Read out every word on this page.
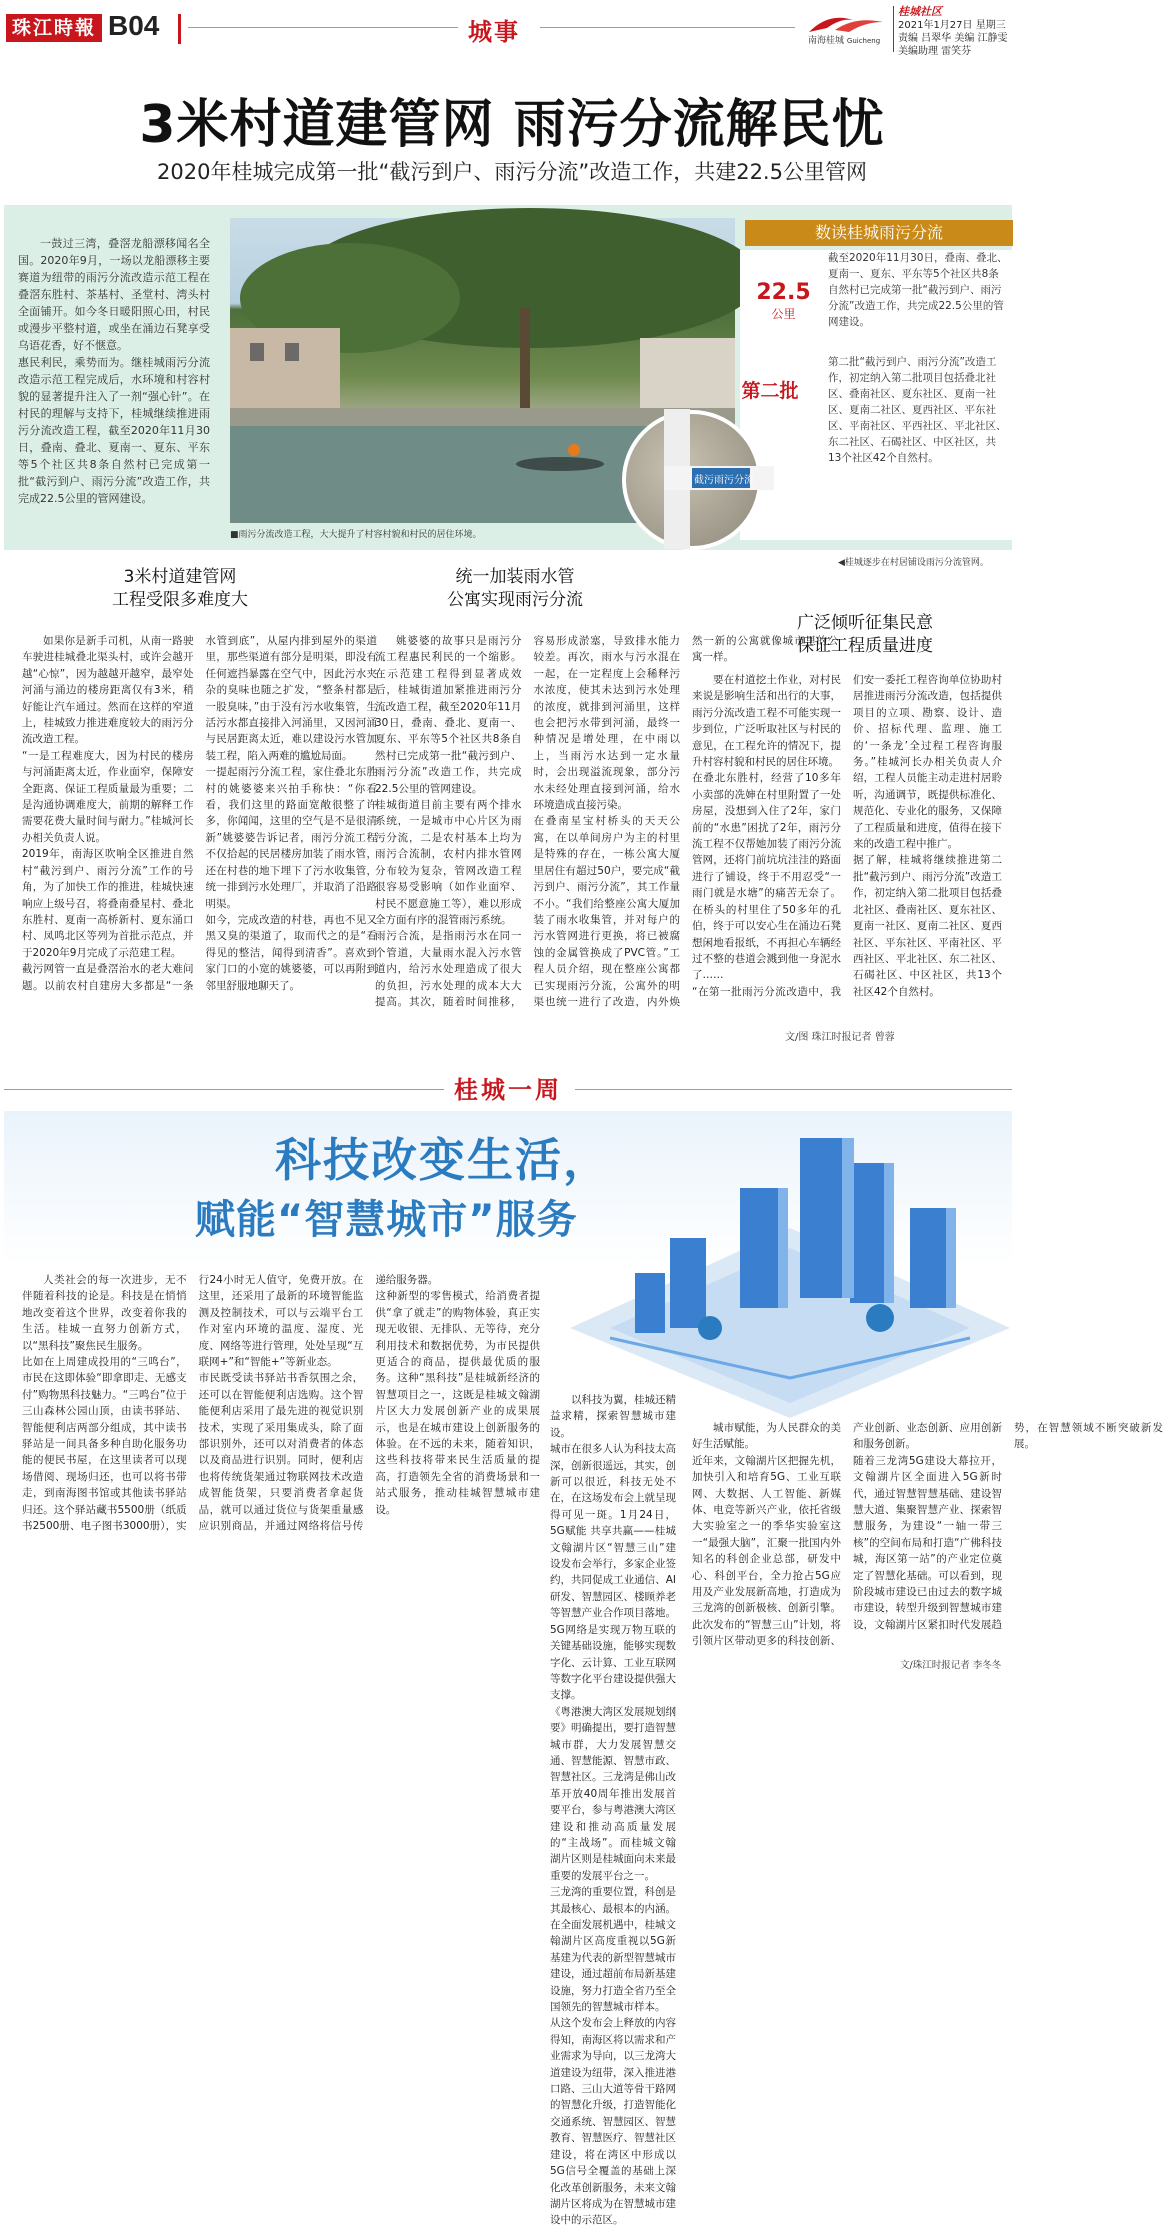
珠江時報 B04	城事	南海桂城 Guicheng
桂城社区
2021年1月27日 星期三
责编 吕翠华 美编 江静雯
美编助理 雷笑芬
3米村道建管网 雨污分流解民忧
2020年桂城完成第一批“截污到户、雨污分流”改造工作，共建22.5公里管网
一鼓过三湾，叠滘龙船漂移闻名全国。2020年9月，一场以龙船漂移主要赛道为纽带的雨污分流改造示范工程在叠滘东胜村、茶基村、圣堂村、湾头村全面铺开。如今冬日暖阳照心田，村民或漫步平整村道，或坐在涌边石凳享受乌语花香，好不惬意。
惠民利民，乘势而为。继桂城雨污分流改造示范工程完成后，水环境和村容村貌的显著提升注入了一剂“强心针”。在村民的理解与支持下，桂城继续推进雨污分流改造工程，截至2020年11月30日，叠南、叠北、夏南一、夏东、平东等5个社区共8条自然村已完成第一批“截污到户、雨污分流”改造工作，共完成22.5公里的管网建设。
■雨污分流改造工程，大大提升了村容村貌和村民的居住环境。
数读桂城雨污分流
22.5
公里
截至2020年11月30日，叠南、叠北、夏南一、夏东、平东等5个社区共8条自然村已完成第一批“截污到户、雨污分流”改造工作，共完成22.5公里的管网建设。
第二批
第二批“截污到户、雨污分流”改造工作，初定纳入第二批项目包括叠北社区、叠南社区、夏东社区、夏南一社区、夏南二社区、夏西社区、平东社区、平南社区、平西社区、平北社区、东二社区、石碣社区、中区社区，共13个社区42个自然村。
截污雨污分流
◀桂城逐步在村居铺设雨污分流管网。
3米村道建管网
工程受限多难度大
如果你是新手司机，从南一路驶车驶进桂城叠北渠头村，或许会越开越“心惊”，因为越越开越窄，最窄处河涌与涌边的楼房距离仅有3米，稍好能让汽车通过。然而在这样的窄道上，桂城致力推进难度较大的雨污分流改造工程。
“一是工程难度大，因为村民的楼房与河涌距离太近，作业面窄，保障安全距离、保证工程质量最为重要；二是沟通协调难度大，前期的解释工作需要花费大量时间与耐力。”桂城河长办相关负责人说。
2019年，南海区吹响全区推进自然村“截污到户、雨污分流”工作的号角，为了加快工作的推进，桂城快速响应上级号召，将叠南叠星村、叠北东胜村、夏南一高桥新村、夏东涌口村、凤鸣北区等列为首批示范点，并于2020年9月完成了示范建工程。
截污网管一直是叠滘治水的老大难问题。以前农村自建房大多都是“一条水管到底”，从屋内排到屋外的渠道里，那些渠道有部分是明渠，即没有任何遮挡暴露在空气中，因此污水夹杂的臭味也随之扩发，“整条村都是一股臭味，”由于没有污水收集管，生活污水都直接排入河涌里，又因河涌与民居距离太近，难以建设污水管加装工程，陷入两难的尴尬局面。
一提起雨污分流工程，家住叠北东胜村的姚婆婆来兴拍手称快：“你看看，我们这里的路面宽敞很整了许多，你闻闻，这里的空气是不是很清新”姚婆婆告诉记者，雨污分流工程不仅拾起的民居楼房加装了雨水管，还在村巷的地下埋下了污水收集管，统一排到污水处理厂，并取消了沿路明渠。
如今，完成改造的村巷，再也不见又黑又臭的渠道了，取而代之的是“看得见的整洁，闻得到清香”。喜欢到家门口的小宽的姚婆婆，可以再附到邻里舒服地聊天了。
统一加装雨水管
公寓实现雨污分流
姚婆婆的故事只是雨污分流工程惠民利民的一个缩影。在示范建工程得到显著成效后，桂城街道加紧推进雨污分流改造工程，截至2020年11月30日，叠南、叠北、夏南一、夏东、平东等5个社区共8条自然村已完成第一批“截污到户、雨污分流”改造工作，共完成22.5公里的管网建设。
桂城街道目前主要有两个排水系统，一是城市中心片区为雨污分流，二是农村基本上均为雨污合流制，农村内排水管网分布较为复杂，管网改造工程很容易受影响（如作业面窄、村民不愿意施工等），难以形成全方面有序的混管雨污系统。
雨污合流，是指雨污水在同一个管道，大量雨水混入污水管道内，给污水处理造成了很大的负担，污水处理的成本大大提高。其次，随着时间推移，容易形成淤塞，导致排水能力较差。再次，雨水与污水混在一起，在一定程度上会稀释污水浓度，使其未达到污水处理的浓度，就排到河涌里，这样也会把污水带到河涌，最终一种情况是增处理，在中雨以上，当雨污水达到一定水量时，会出现溢流现象，部分污水未经处理直接到河涌，给水环境造成直接污染。
在叠南星宝村桥头的天天公寓，在以单间房户为主的村里是特殊的存在，一栋公寓大厦里居住有超过50户，要完成“截污到户、雨污分流”，其工作量不小。“我们给整座公寓大厦加装了雨水收集管，并对每户的污水管网进行更换，将已被腐蚀的金属管换成了PVC管。”工程人员介绍，现在整座公寓都已实现雨污分流，公寓外的明渠也统一进行了改造，内外焕然一新的公寓就像城市里的公寓一样。
广泛倾听征集民意
保证工程质量进度
要在村道挖土作业，对村民来说是影响生活和出行的大事，雨污分流改造工程不可能实现一步到位，广泛听取社区与村民的意见，在工程允许的情况下，提升村容村貌和村民的居住环境。
在叠北东胜村，经营了10多年小卖部的冼婶在村里附置了一处房屋，没想到入住了2年，家门前的“水患”困扰了2年，雨污分流工程不仅帮她加装了雨污分流管网，还将门前坑坑洼洼的路面进行了铺设，终于不用忍受“一雨门就是水塘”的痛苦无奈了。在桥头的村里住了50多年的孔伯，终于可以安心生在涌边石凳想闲地看报纸，不再担心车辆经过不整的巷道会溅到他一身泥水了……
“在第一批雨污分流改造中，我们安一委托工程咨询单位协助村居推进雨污分流改造，包括提供项目的立项、勘察、设计、造价、招标代理、监理、施工的‘一条龙’全过程工程咨询服务。”桂城河长办相关负责人介绍，工程人员能主动走进村居聆听，沟通调节，既提供标准化、规范化、专业化的服务，又保障了工程质量和进度，值得在接下来的改造工程中推广。
据了解，桂城将继续推进第二批“截污到户、雨污分流”改造工作，初定纳入第二批项目包括叠北社区、叠南社区、夏东社区、夏南一社区、夏南二社区、夏西社区、平东社区、平南社区、平西社区、平北社区、东二社区、石碣社区、中区社区，共13个社区42个自然村。
文/图 珠江时报记者 曾蓉
桂城一周
科技改变生活，
赋能“智慧城市”服务
人类社会的每一次进步，无不伴随着科技的论是。科技是在悄悄地改变着这个世界，改变着你我的生活。桂城一直努力创新方式，以“黑科技”聚焦民生服务。
比如在上周建成投用的“三鸣台”，市民在这即体验“即拿即走、无感支付”购物黑科技魅力。“三鸣台”位于三山森林公园山顶，由读书驿站、智能便利店两部分组成，其中读书驿站是一间具备多种自助化服务功能的便民书屋，在这里读者可以现场借阅、现场归还，也可以将书带走，到南海图书馆或其他读书驿站归还。这个驿站藏书5500册（纸质书2500册、电子图书3000册），实行24小时无人值守，免费开放。在这里，还采用了最新的环境智能监测及控制技术，可以与云端平台工作对室内环境的温度、湿度、光度、网络等进行管理，处处呈现“互联网+”和“智能+”等新业态。
市民既受读书驿站书香氛围之余，还可以在智能便利店选购。这个智能便利店采用了最先进的视觉识别技术，实现了采用集成头，除了面部识别外，还可以对消费者的体态以及商品进行识别。同时，便利店也将传统货架通过物联网技术改造成智能货架，只要消费者拿起货品，就可以通过货位与货架重量感应识别商品，并通过网络将信号传递给服务器。
这种新型的零售模式，给消费者提供“拿了就走”的购物体验，真正实现无收银、无排队、无等待，充分利用技术和数据优势，为市民提供更适合的商品，提供最优质的服务。这种“黑科技”是桂城新经济的智慧项目之一，这既是桂城文翰湖片区大力发展创新产业的成果展示，也是在城市建设上创新服务的体验。在不远的未来，随着知识，这些科技将带来民生活质量的提高，打造领先全省的消费场景和一站式服务，推动桂城智慧城市建设。
以科技为翼，桂城还精益求精，探索智慧城市建设。
城市在很多人认为科技太高深，创新很遥远，其实，创新可以很近，科技无处不在，在这场发布会上就呈现得可见一斑。1月24日，5G赋能 共享共赢——桂城文翰湖片区“智慧三山”建设发布会举行，多家企业签约，共同促成工业通信、AI研发、智慧园区、楼顾养老等智慧产业合作项目落地。5G网络是实现万物互联的关键基础设施，能够实现数字化、云计算、工业互联网等数字化平台建设提供强大支撑。
《粤港澳大湾区发展规划纲要》明确提出，要打造智慧城市群，大力发展智慧交通、智慧能源、智慧市政、智慧社区。三龙湾是佛山改革开放40周年推出发展首要平台，参与粤港澳大湾区建设和推动高质量发展的“主战场”。而桂城文翰湖片区则是桂城面向未来最重要的发展平台之一。
三龙湾的重要位置，科创是其最核心、最根本的内涵。在全面发展机遇中，桂城文翰湖片区高度重视以5G新基建为代表的新型智慧城市建设，通过超前布局新基建设施，努力打造全省乃至全国领先的智慧城市样本。
从这个发布会上释放的内容得知，南海区将以需求和产业需求为导向，以三龙湾大道建设为纽带，深入推进港口路、三山大道等骨干路网的智慧化升级，打造智能化交通系统、智慧园区、智慧教育、智慧医疗、智慧社区建设，将在湾区中形成以5G信号全覆盖的基础上深化改革创新服务，未来文翰湖片区将成为在智慧城市建设中的示范区。
城市赋能，为人民群众的美好生活赋能。
近年来，文翰湖片区把握先机，加快引入和培育5G、工业互联网、大数据、人工智能、新媒体、电竞等新兴产业，依托省级大实验室之一的季华实验室这一“最强大脑”，汇聚一批国内外知名的科创企业总部，研发中心、科创平台，全力抢占5G应用及产业发展新高地，打造成为三龙湾的创新极核、创新引擎。此次发布的“智慧三山”计划，将引领片区带动更多的科技创新、产业创新、业态创新、应用创新和服务创新。
随着三龙湾5G建设大幕拉开，文翰湖片区全面进入5G新时代，通过智慧智慧基础、建设智慧大道、集聚智慧产业、探索智慧服务，为建设“一轴一带三核”的空间布局和打造“广佛科技城，海区第一站”的产业定位奠定了智慧化基础。可以看到，现阶段城市建设已由过去的数字城市建设，转型升级到智慧城市建设，文翰湖片区紧扣时代发展趋势，在智慧领域不断突破新发展。
文/珠江时报记者 李冬冬
